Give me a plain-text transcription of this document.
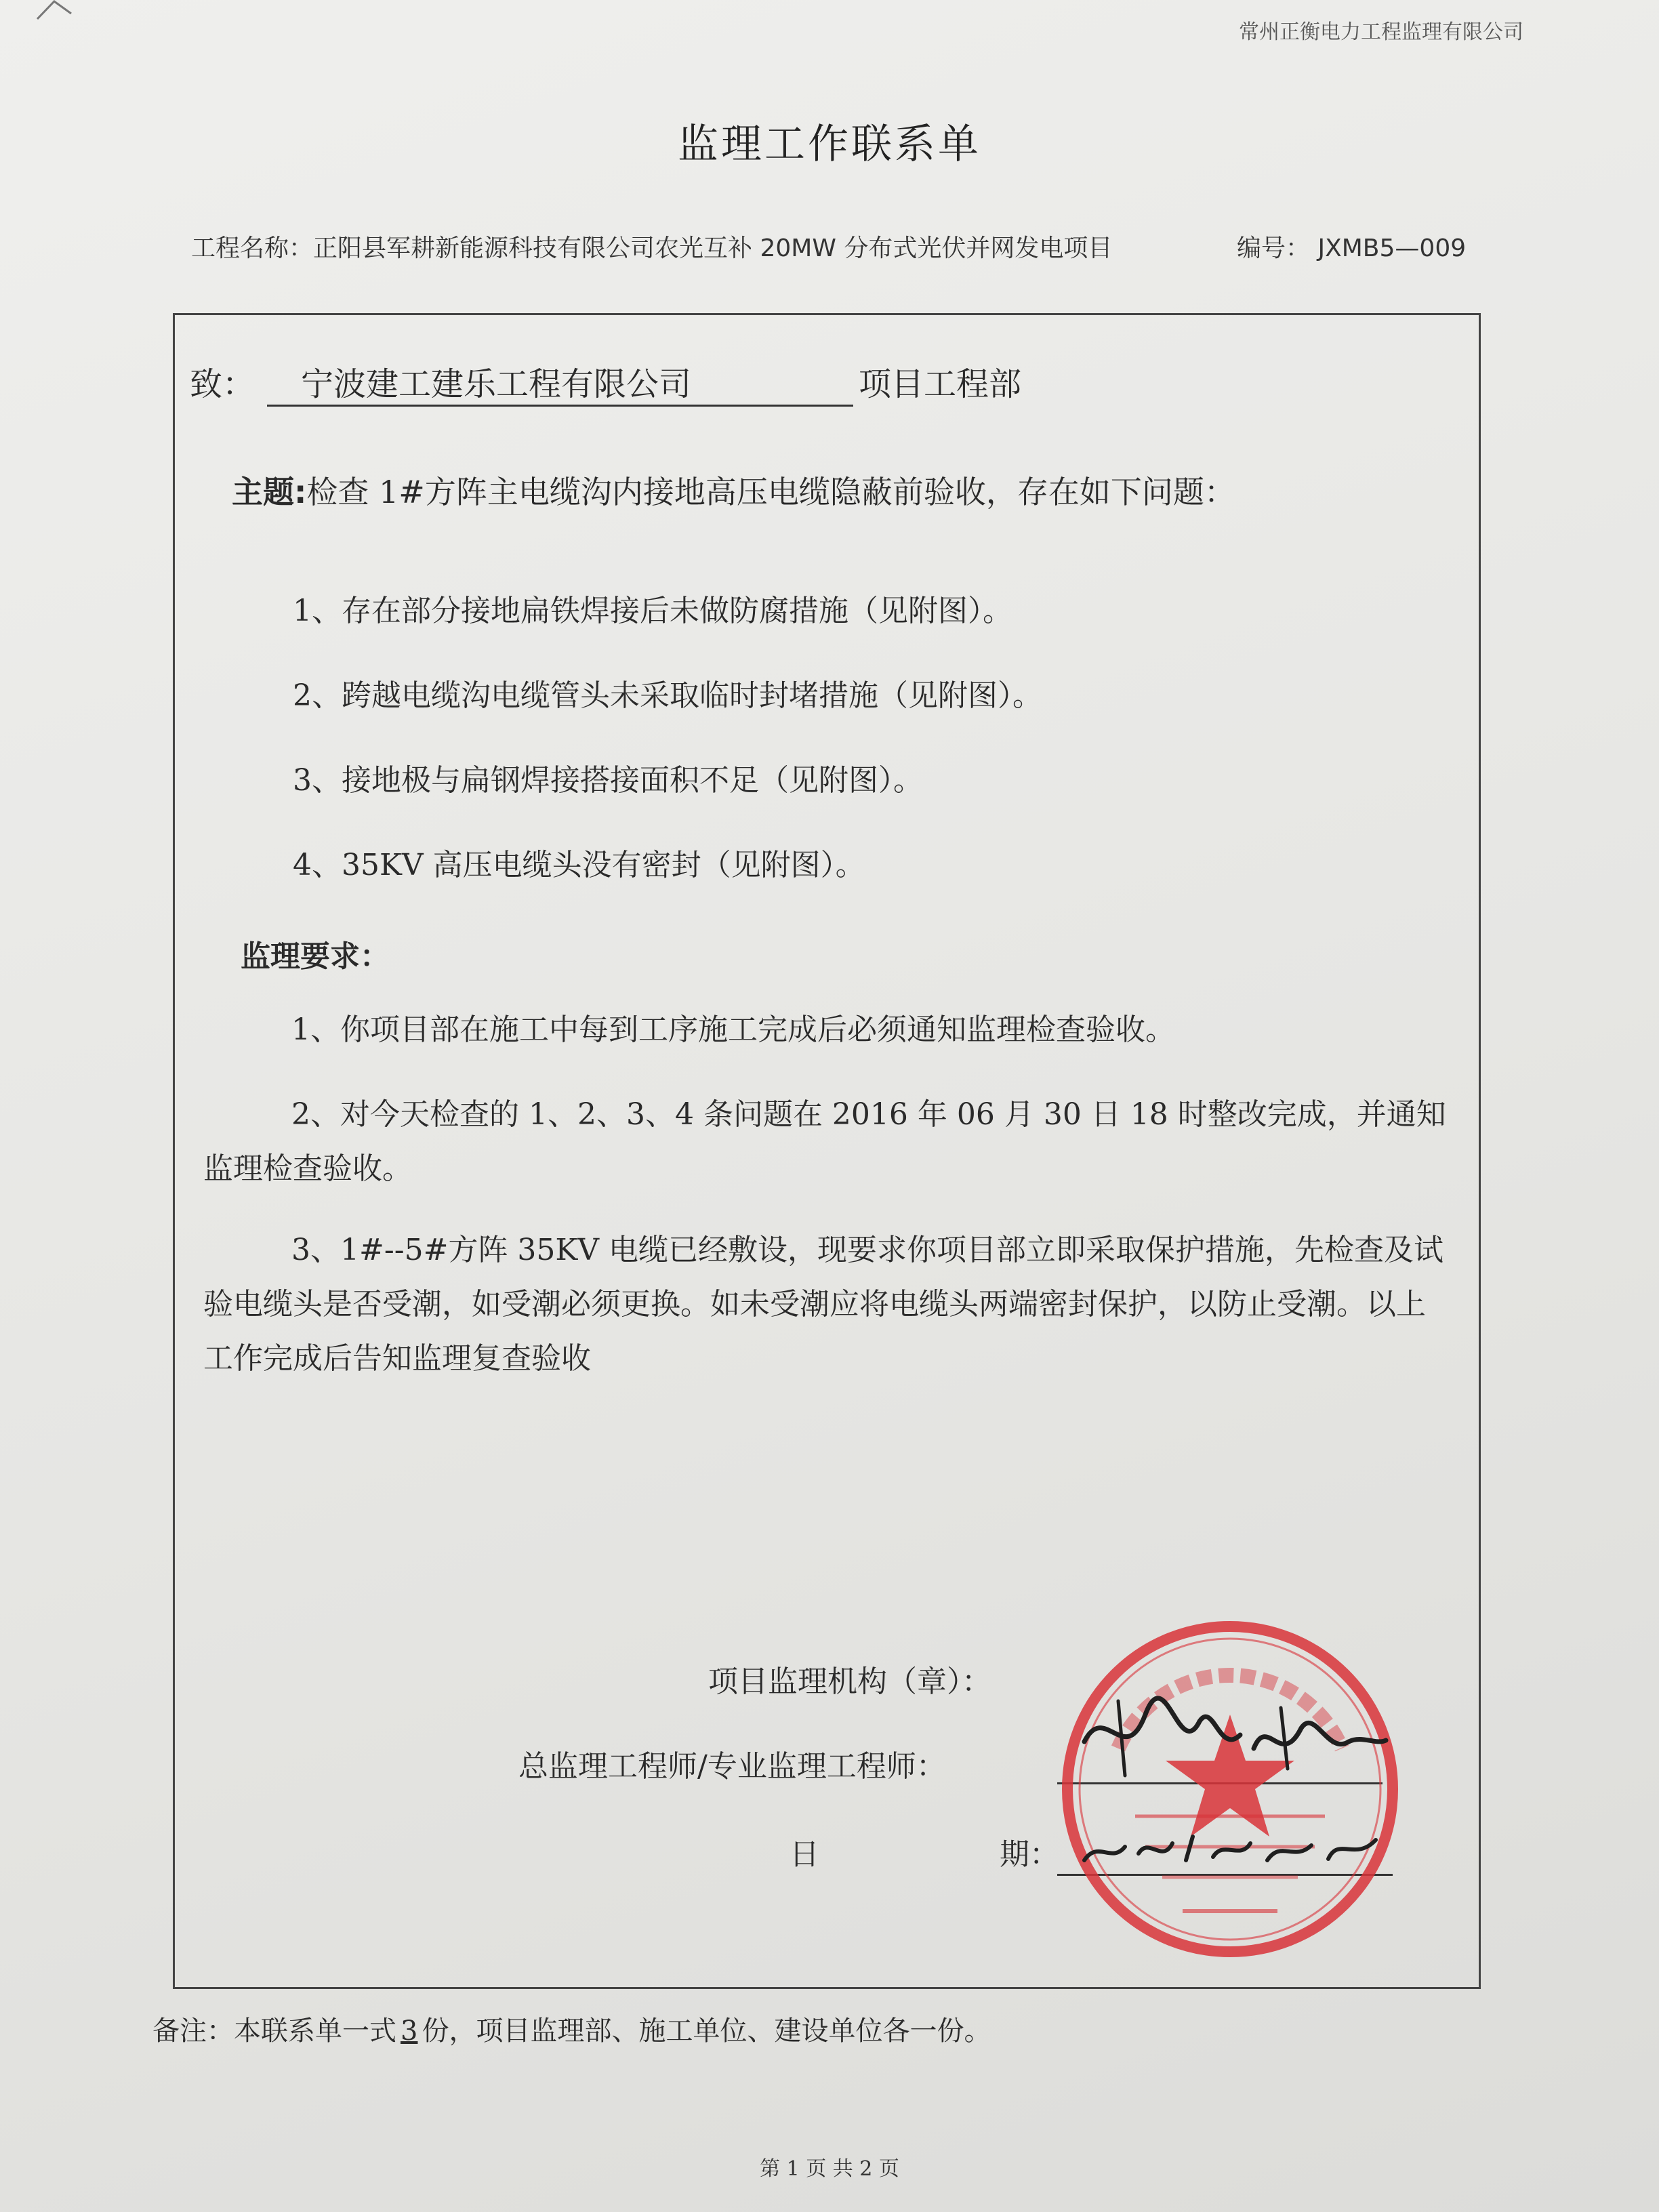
常州正衡电力工程监理有限公司
监理工作联系单
工程名称：正阳县军耕新能源科技有限公司农光互补 20MW 分布式光伏并网发电项目	编号： JXMB5—009
致： 宁波建工建乐工程有限公司	项目工程部
主题:检查 1#方阵主电缆沟内接地高压电缆隐蔽前验收，存在如下问题：
1、存在部分接地扁铁焊接后未做防腐措施（见附图）。
2、跨越电缆沟电缆管头未采取临时封堵措施（见附图）。
3、接地极与扁钢焊接搭接面积不足（见附图）。
4、35KV 高压电缆头没有密封（见附图）。
监理要求：
1、你项目部在施工中每到工序施工完成后必须通知监理检查验收。
2、对今天检查的 1、2、3、4 条问题在 2016 年 06 月 30 日 18 时整改完成，并通知监理检查验收。
3、1#--5#方阵 35KV 电缆已经敷设，现要求你项目部立即采取保护措施，先检查及试验电缆头是否受潮，如受潮必须更换。如未受潮应将电缆头两端密封保护，以防止受潮。以上工作完成后告知监理复查验收
项目监理机构（章）：
总监理工程师/专业监理工程师：
日	期：
备注：本联系单一式 3 份，项目监理部、施工单位、建设单位各一份。
第 1 页 共 2 页
